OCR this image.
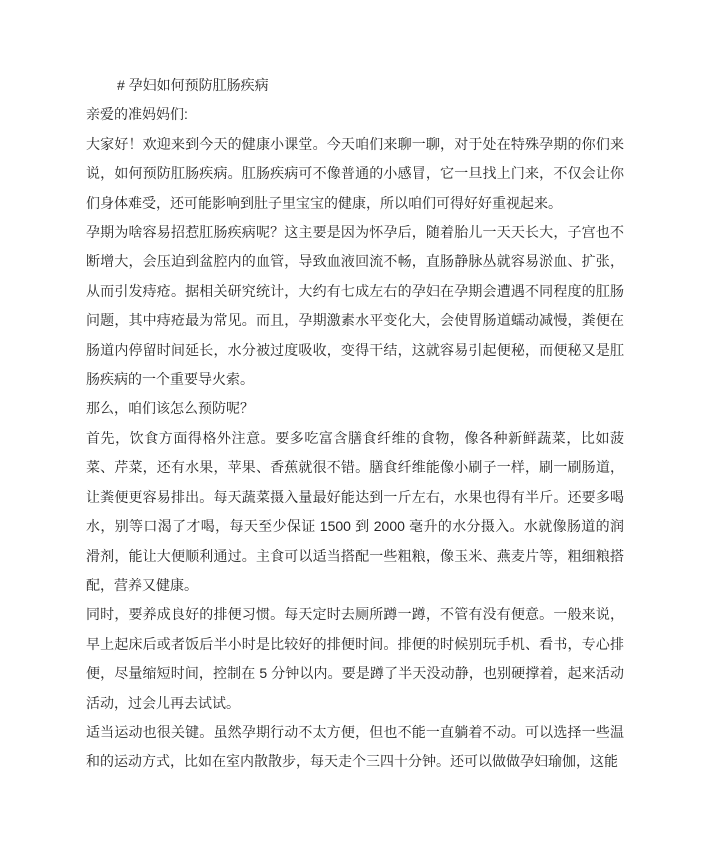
# 孕妇如何预防肛肠疾病

亲爱的准妈妈们:

大家好！欢迎来到今天的健康小课堂。今天咱们来聊一聊，对于处在特殊孕期的你们来说，如何预防肛肠疾病。肛肠疾病可不像普通的小感冒，它一旦找上门来，不仅会让你们身体难受，还可能影响到肚子里宝宝的健康，所以咱们可得好好重视起来。

孕期为啥容易招惹肛肠疾病呢？这主要是因为怀孕后，随着胎儿一天天长大，子宫也不断增大，会压迫到盆腔内的血管，导致血液回流不畅，直肠静脉丛就容易淤血、扩张，从而引发痔疮。据相关研究统计，大约有七成左右的孕妇在孕期会遭遇不同程度的肛肠问题，其中痔疮最为常见。而且，孕期激素水平变化大，会使胃肠道蠕动减慢，粪便在肠道内停留时间延长，水分被过度吸收，变得干结，这就容易引起便秘，而便秘又是肛肠疾病的一个重要导火索。

那么，咱们该怎么预防呢？

首先，饮食方面得格外注意。要多吃富含膳食纤维的食物，像各种新鲜蔬菜，比如菠菜、芹菜，还有水果，苹果、香蕉就很不错。膳食纤维能像小刷子一样，刷一刷肠道，让粪便更容易排出。每天蔬菜摄入量最好能达到一斤左右，水果也得有半斤。还要多喝水，别等口渴了才喝，每天至少保证 1500 到 2000 毫升的水分摄入。水就像肠道的润滑剂，能让大便顺利通过。主食可以适当搭配一些粗粮，像玉米、燕麦片等，粗细粮搭配，营养又健康。

同时，要养成良好的排便习惯。每天定时去厕所蹲一蹲，不管有没有便意。一般来说，早上起床后或者饭后半小时是比较好的排便时间。排便的时候别玩手机、看书，专心排便，尽量缩短时间，控制在 5 分钟以内。要是蹲了半天没动静，也别硬撑着，起来活动活动，过会儿再去试试。

适当运动也很关键。虽然孕期行动不太方便，但也不能一直躺着不动。可以选择一些温和的运动方式，比如在室内散散步，每天走个三四十分钟。还可以做做孕妇瑜伽，这能
